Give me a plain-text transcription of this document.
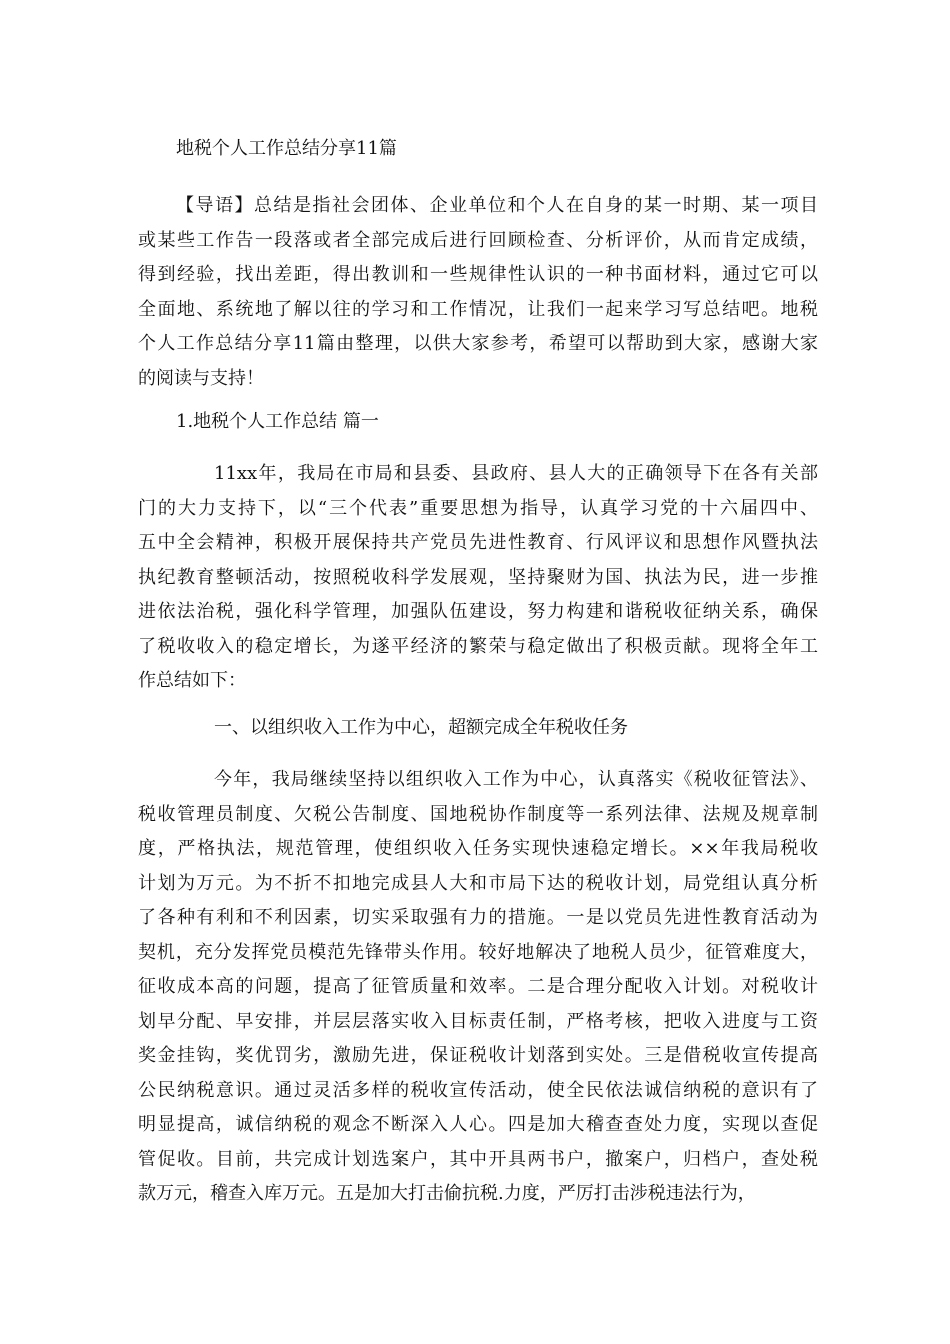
地税个人工作总结分享11篇
【导语】总结是指社会团体、企业单位和个人在自身的某一时期、某一项目
或某些工作告一段落或者全部完成后进行回顾检查、分析评价，从而肯定成绩，
得到经验，找出差距，得出教训和一些规律性认识的一种书面材料，通过它可以
全面地、系统地了解以往的学习和工作情况，让我们一起来学习写总结吧。地税
个人工作总结分享11篇由整理，以供大家参考，希望可以帮助到大家，感谢大家
的阅读与支持！
1.地税个人工作总结 篇一
11xx年，我局在市局和县委、县政府、县人大的正确领导下在各有关部
门的大力支持下，以“三个代表”重要思想为指导，认真学习党的十六届四中、
五中全会精神，积极开展保持共产党员先进性教育、行风评议和思想作风暨执法
执纪教育整顿活动，按照税收科学发展观，坚持聚财为国、执法为民，进一步推
进依法治税，强化科学管理，加强队伍建设，努力构建和谐税收征纳关系，确保
了税收收入的稳定增长，为遂平经济的繁荣与稳定做出了积极贡献。现将全年工
作总结如下：
一、以组织收入工作为中心，超额完成全年税收任务
今年，我局继续坚持以组织收入工作为中心，认真落实《税收征管法》、
税收管理员制度、欠税公告制度、国地税协作制度等一系列法律、法规及规章制
度，严格执法，规范管理，使组织收入任务实现快速稳定增长。××年我局税收
计划为万元。为不折不扣地完成县人大和市局下达的税收计划，局党组认真分析
了各种有利和不利因素，切实采取强有力的措施。一是以党员先进性教育活动为
契机，充分发挥党员模范先锋带头作用。较好地解决了地税人员少，征管难度大，
征收成本高的问题，提高了征管质量和效率。二是合理分配收入计划。对税收计
划早分配、早安排，并层层落实收入目标责任制，严格考核，把收入进度与工资
奖金挂钩，奖优罚劣，激励先进，保证税收计划落到实处。三是借税收宣传提高
公民纳税意识。通过灵活多样的税收宣传活动，使全民依法诚信纳税的意识有了
明显提高，诚信纳税的观念不断深入人心。四是加大稽查查处力度，实现以查促
管促收。目前，共完成计划选案户，其中开具两书户，撤案户，归档户，查处税
款万元，稽查入库万元。五是加大打击偷抗税.力度，严厉打击涉税违法行为，
